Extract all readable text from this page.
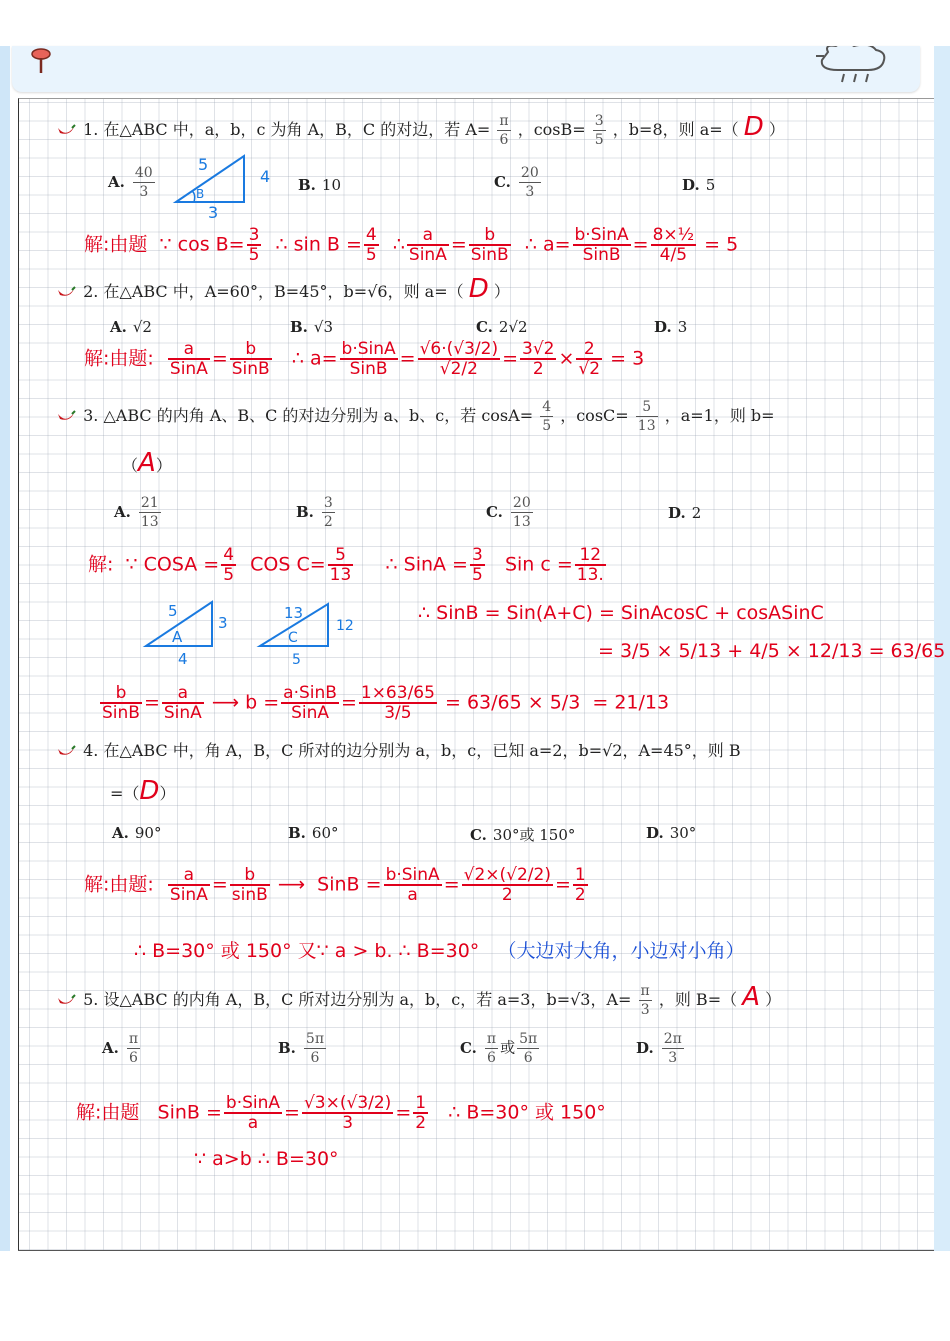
1. 在△ABC 中，a，b，c 为角 A，B，C 的对边，若 $A= \frac{\pi}{6}$ ，$\cos B= \frac{3}{5}$ ，b=8，则 a=（ D ）
A. $\frac{40}{3}$	B
5
4
3
B. 10	C. $\frac{20}{3}$	D. 5
解:由题 ∵ $\cos B= \frac{3}{5}$ ∴ $\sin B = \frac{4}{5}$ ∴ $\frac{a}{\text{SinA}} = \frac{b}{\text{SinB}}$ ∴ $a= \frac{\text{b·SinA}}{\text{SinB}} = \frac{\text{8×½}}{4/5} = 5$
2. 在△ABC 中，A=60°，B=45°，b=√6，则 a=（ D ）
A. √2	B. √3	C. 2√2	D. 3
解:由题: $\frac{a}{\text{SinA}} = \frac{b}{\text{SinB}}$ ∴ $a= \frac{\text{b·SinA}}{\text{SinB}} = \frac{√6\cdot(√3/2)}{√2/2} = \frac{3√2}{2} \times \frac{2}{√2} = 3$
3. △ABC 的内角 A、B、C 的对边分别为 a、b、c，若 $\cos A= \frac{4}{5}$ ，$\cos C= \frac{5}{13}$ ，a=1，则 b=
（A）
A. $\frac{21}{13}$	B. $\frac{3}{2}$	C. $\frac{20}{13}$	D. 2
解: ∵ COSA = $\frac{4}{5}$ COS $C= \frac{5}{13}$ ∴ SinA = $\frac{3}{5}$ Sin $c = \frac{12}{13.}$
5
3
4
A
13
12
5
C
∴ SinB = Sin(A+C) = SinAcosC + cosASinC
= 3/5 × 5/13 + 4/5 × 12/13 = 63/65
$\frac{b}{\text{SinB}} = \frac{a}{\text{SinA}}$ ⟶ $b = \frac{\text{a·SinB}}{\text{SinA}} = \frac{1\times 63/65}{3/5} = 63/65 \times 5/3 = 21/13$
4. 在△ABC 中，角 A，B，C 所对的边分别为 a，b，c，已知 a=2，b=√2，A=45°，则 B
=（D）
A. 90°	B. 60°	C. 30°或 150°	D. 30°
解:由题: $\frac{a}{\text{SinA}} = \frac{b}{\sin B}$ ⟶ SinB = $\frac{\text{b·SinA}}{a} = \frac{√2\times(√2/2)}{2} = \frac{1}{2}$
∴ B=30° 或 150° 又∵ a > b. ∴ B=30° （大边对大角，小边对小角）
5. 设△ABC 的内角 A，B，C 所对边分别为 a，b，c，若 a=3，b=√3，$A= \frac{\pi}{3}$ ，则 B=（ A ）
A. $\frac{\pi}{6}$	B. $\frac{5\pi}{6}$	C. $\frac{\pi}{6}$ 或 $\frac{5\pi}{6}$	D. $\frac{2\pi}{3}$
解:由题 SinB = $\frac{\text{b·SinA}}{a} = \frac{√3\times(√3/2)}{3} = \frac{1}{2}$ ∴ B=30° 或 150°
∵ a>b ∴ B=30°
